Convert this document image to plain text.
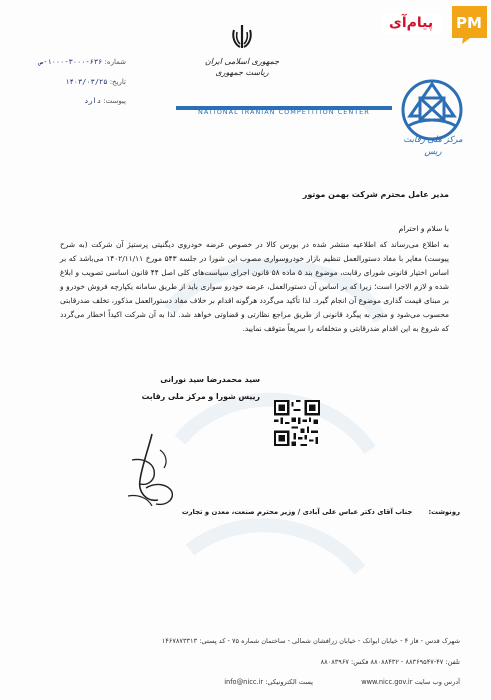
پیام‌آی PM
جمهوری اسلامی ایران
ریاست جمهوری
شماره: ۶۳۶-۳۰۰۰-۱۰۰۰-ص
تاریخ: ۱۴۰۳/۰۳/۲۵
پیوست: دارد
NATIONAL IRANIAN COMPETITION CENTER
مرکز ملی رقابت
ریس
مدیر عامل محترم شرکت بهمن موتور
با سلام و احترام
به اطلاع می‌رساند که اطلاعیه منتشر شده در بورس کالا در خصوص عرضه خودروی دیگنیتی پرستیژ آن شرکت (به شرح پیوست) مغایر با مفاد دستورالعمل تنظیم بازار خودروسواری مصوب این شورا در جلسه ۵۴۳ مورخ ۱۴۰۲/۱۱/۱۱ می‌باشد که بر اساس اختیار قانونی شورای رقابت، موضوع بند ۵ ماده ۵۸ قانون اجرای سیاست‌های کلی اصل ۴۴ قانون اساسی تصویب و ابلاغ شده و لازم الاجرا است؛ زیرا که بر اساس آن دستورالعمل، عرضه خودرو سواری باید از طریق سامانه یکپارچه فروش خودرو و بر مبنای قیمت گذاری موضوع آن انجام گیرد. لذا تأکید می‌گردد هرگونه اقدام بر خلاف مفاد دستورالعمل مذکور، تخلف ضدرقابتی محسوب می‌شود و منجر به پیگرد قانونی از طریق مراجع نظارتی و قضاوتی خواهد شد. لذا به آن شرکت اکیداً اخطار می‌گردد که شروع به این اقدام ضدرقابتی و متخلفانه را سریعاً متوقف نمایید.
سید محمدرضا سید نورانی
رییس شورا و مرکز ملی رقابت
رونوشت: جناب آقای دکتر عباس علی آبادی / وزیر محترم صنعت، معدن و تجارت
شهرک قدس - فاز ۴ - خیابان ایوانک - خیابان زرافشان شمالی - ساختمان شماره ۷۵ - کد پستی: ۱۴۶۷۸۷۳۳۱۳
تلفن: ۴۷-۸۸۳۶۹۵۴۷ - ۸۸۰۸۸۴۳۲ فکس: ۸۸۰۸۳۹۶۷
آدرس وب سایت www.nicc.gov.ir  پست الکترونیکی: info@nicc.ir
